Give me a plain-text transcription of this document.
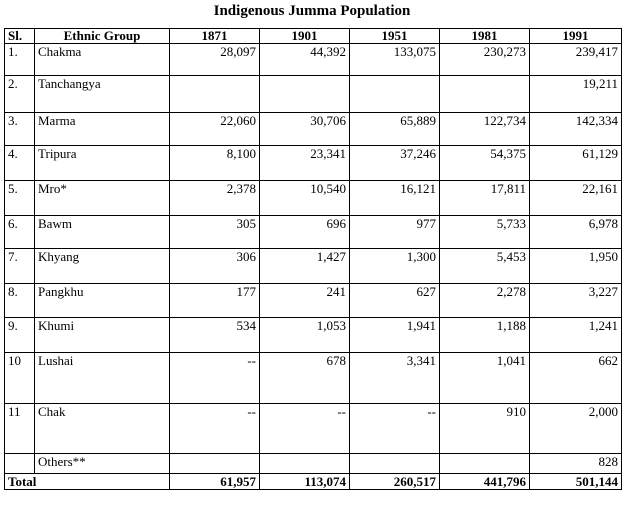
Indigenous Jumma Population
Sl.	Ethnic Group	1871	1901	1951	1981	1991
1.	Chakma	28,097	44,392	133,075	230,273	239,417
2.	Tanchangya					19,211
3.	Marma	22,060	30,706	65,889	122,734	142,334
4.	Tripura	8,100	23,341	37,246	54,375	61,129
5.	Mro*	2,378	10,540	16,121	17,811	22,161
6.	Bawm	305	696	977	5,733	6,978
7.	Khyang	306	1,427	1,300	5,453	1,950
8.	Pangkhu	177	241	627	2,278	3,227
9.	Khumi	534	1,053	1,941	1,188	1,241
10	Lushai	--	678	3,341	1,041	662
11	Chak	--	--	--	910	2,000
	Others**					828
Total		61,957	113,074	260,517	441,796	501,144
